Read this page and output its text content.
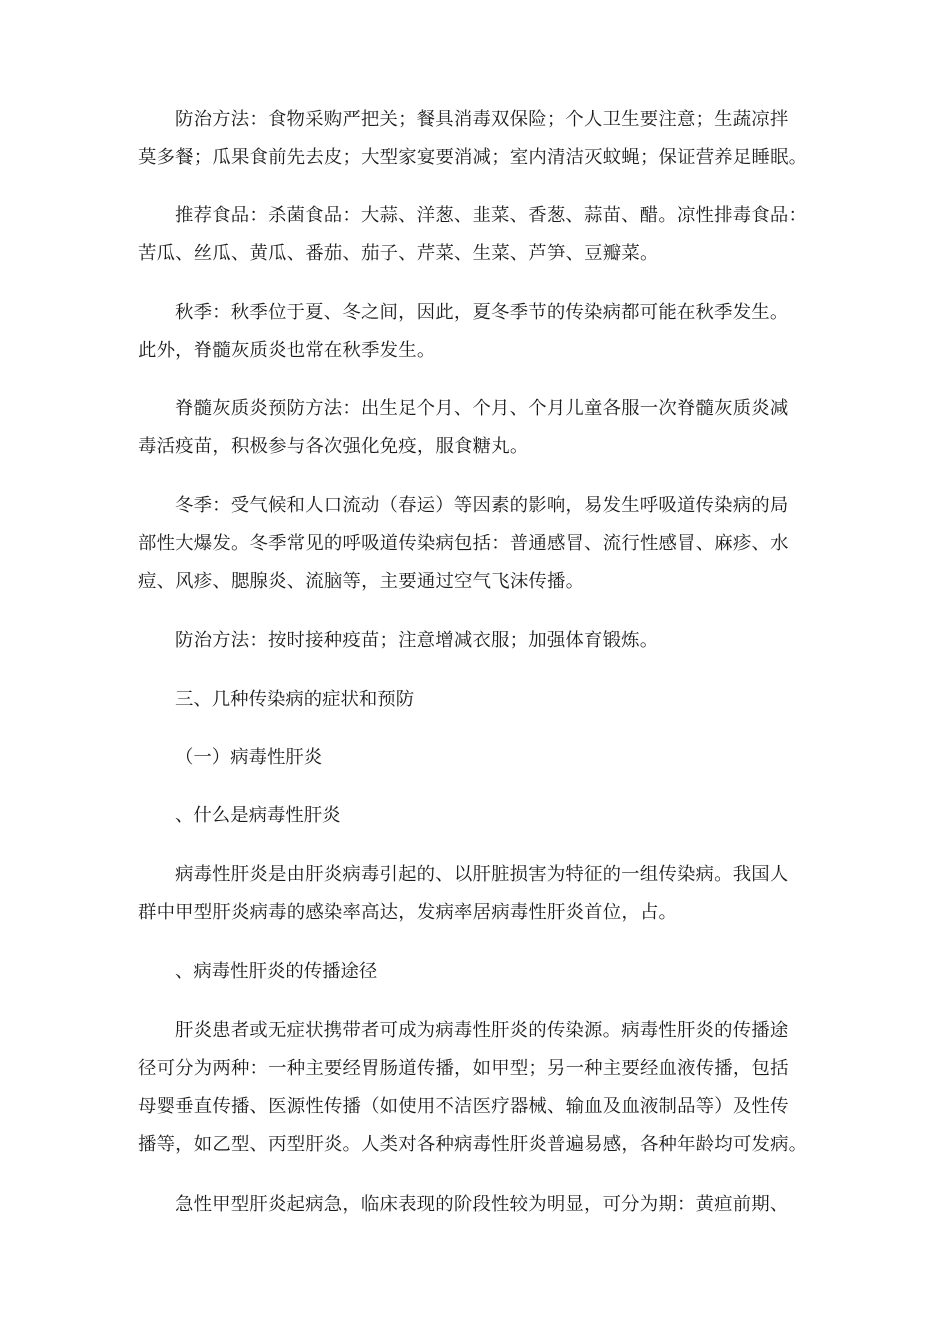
防治方法：食物采购严把关；餐具消毒双保险；个人卫生要注意；生蔬凉拌
莫多餐；瓜果食前先去皮；大型家宴要消减；室内清洁灭蚊蝇；保证营养足睡眠。
推荐食品：杀菌食品：大蒜、洋葱、韭菜、香葱、蒜苗、醋。凉性排毒食品：
苦瓜、丝瓜、黄瓜、番茄、茄子、芹菜、生菜、芦笋、豆瓣菜。
秋季：秋季位于夏、冬之间，因此，夏冬季节的传染病都可能在秋季发生。
此外，脊髓灰质炎也常在秋季发生。
脊髓灰质炎预防方法：出生足个月、个月、个月儿童各服一次脊髓灰质炎减
毒活疫苗，积极参与各次强化免疫，服食糖丸。
冬季：受气候和人口流动（春运）等因素的影响，易发生呼吸道传染病的局
部性大爆发。冬季常见的呼吸道传染病包括：普通感冒、流行性感冒、麻疹、水
痘、风疹、腮腺炎、流脑等，主要通过空气飞沫传播。
防治方法：按时接种疫苗；注意增减衣服；加强体育锻炼。
三、几种传染病的症状和预防
（一）病毒性肝炎
、什么是病毒性肝炎
病毒性肝炎是由肝炎病毒引起的、以肝脏损害为特征的一组传染病。我国人
群中甲型肝炎病毒的感染率高达，发病率居病毒性肝炎首位，占。
、病毒性肝炎的传播途径
肝炎患者或无症状携带者可成为病毒性肝炎的传染源。病毒性肝炎的传播途
径可分为两种：一种主要经胃肠道传播，如甲型；另一种主要经血液传播，包括
母婴垂直传播、医源性传播（如使用不洁医疗器械、输血及血液制品等）及性传
播等，如乙型、丙型肝炎。人类对各种病毒性肝炎普遍易感，各种年龄均可发病。
急性甲型肝炎起病急，临床表现的阶段性较为明显，可分为期：黄疸前期、
